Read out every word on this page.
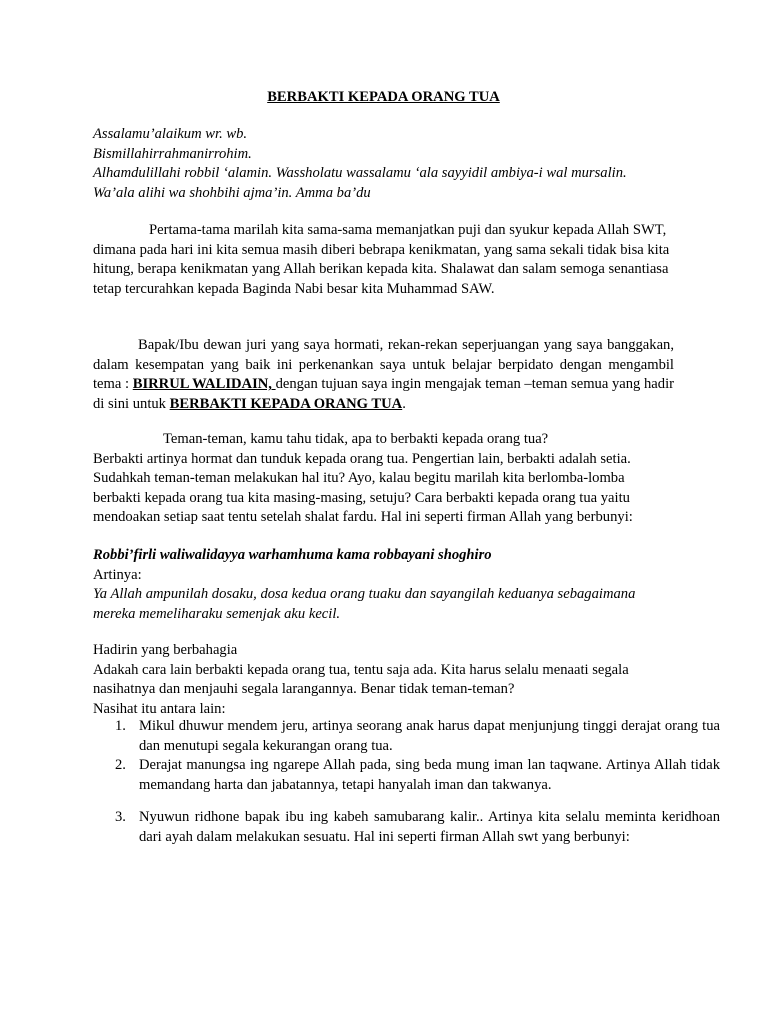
BERBAKTI KEPADA ORANG TUA
Assalamu’alaikum wr. wb.
Bismillahirrahmanirrohim.
Alhamdulillahi robbil ‘alamin. Wassholatu wassalamu ‘ala sayyidil ambiya-i wal mursalin.
Wa’ala alihi wa shohbihi ajma’in. Amma ba’du

Pertama-tama marilah kita sama-sama memanjatkan puji dan syukur kepada Allah SWT, dimana pada hari ini kita semua masih diberi bebrapa kenikmatan, yang sama sekali tidak bisa kita hitung, berapa kenikmatan yang Allah berikan kepada kita. Shalawat dan salam semoga senantiasa tetap tercurahkan kepada Baginda Nabi besar kita Muhammad SAW.

Bapak/Ibu dewan juri yang saya hormati, rekan-rekan seperjuangan yang saya banggakan, dalam kesempatan yang baik ini perkenankan saya untuk belajar berpidato dengan mengambil tema : BIRRUL WALIDAIN, dengan tujuan saya ingin mengajak teman –teman semua yang hadir di sini untuk BERBAKTI KEPADA ORANG TUA.

Teman-teman, kamu tahu tidak, apa to berbakti kepada orang tua?
Berbakti artinya hormat dan tunduk kepada orang tua. Pengertian lain, berbakti adalah setia. Sudahkah teman-teman melakukan hal itu? Ayo, kalau begitu marilah kita berlomba-lomba berbakti kepada orang tua kita masing-masing, setuju? Cara berbakti kepada orang tua yaitu mendoakan setiap saat tentu setelah shalat fardu. Hal ini seperti firman Allah yang berbunyi:
Robbi’firli waliwalidayya warhamhuma kama robbayani shoghiro
Artinya:
Ya Allah ampunilah dosaku, dosa kedua orang tuaku dan sayangilah keduanya sebagaimana mereka memeliharaku semenjak aku kecil.
Hadirin yang berbahagia
Adakah cara lain berbakti kepada orang tua, tentu saja ada. Kita harus selalu menaati segala nasihatnya dan menjauhi segala larangannya. Benar tidak teman-teman?
Nasihat itu antara lain:
1. Mikul dhuwur mendem jeru, artinya seorang anak harus dapat menjunjung tinggi derajat orang tua dan menutupi segala kekurangan orang tua.
2. Derajat manungsa ing ngarepe Allah pada, sing beda mung iman lan taqwane. Artinya Allah tidak memandang harta dan jabatannya, tetapi hanyalah iman dan takwanya.
3. Nyuwun ridhone bapak ibu ing kabeh samubarang kalir.. Artinya kita selalu meminta keridhoan dari ayah dalam melakukan sesuatu. Hal ini seperti firman Allah swt yang berbunyi:
